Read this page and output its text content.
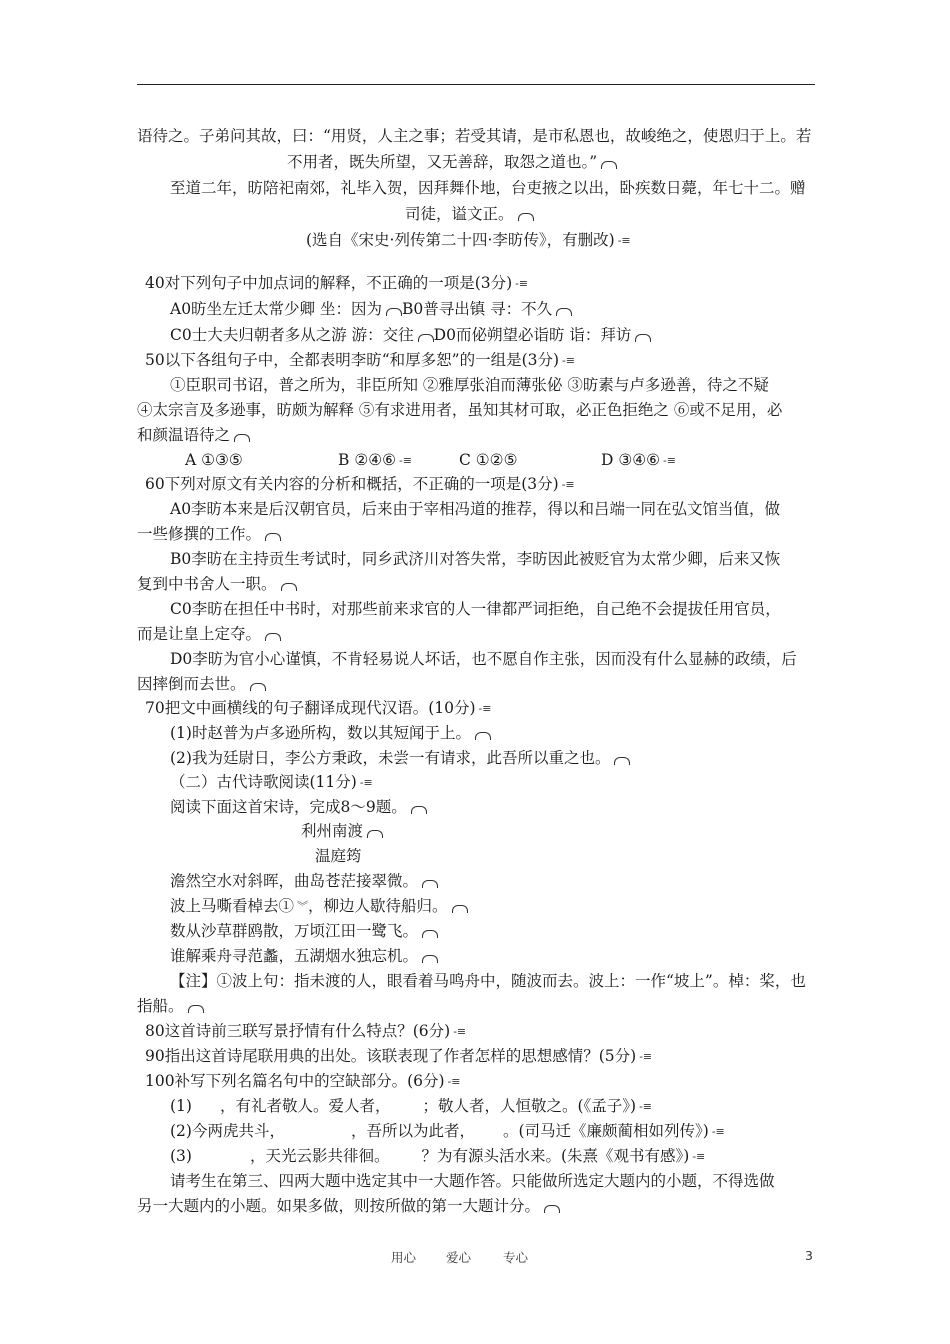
语待之。子弟问其故，曰：“用贤，人主之事；若受其请，是市私恩也，故峻绝之，使恩归于上。若
不用者，既失所望，又无善辞，取怨之道也。”
至道二年，昉陪祀南郊，礼毕入贺，因拜舞仆地，台吏掖之以出，卧疾数日薨，年七十二。赠
司徒，谥文正。
(选自《宋史·列传第二十四·李昉传》，有删改) -≡
40对下列句子中加点词的解释，不正确的一项是(3分) -≡
A0昉坐左迁太常少卿 坐：因为 B0普寻出镇 寻：不久
C0士大夫归朝者多从之游 游：交往 D0而佖朔望必诣昉 诣：拜访
50以下各组句子中，全都表明李昉“和厚多恕”的一组是(3分) -≡
①臣职司书诏，普之所为，非臣所知 ②雅厚张洎而薄张佖 ③昉素与卢多逊善，待之不疑
④太宗言及多逊事，昉颇为解释 ⑤有求进用者，虽知其材可取，必正色拒绝之 ⑥或不足用，必
和颜温语待之
A ①③⑤	B ②④⑥ -≡	C ①②⑤	D ③④⑥ -≡
60下列对原文有关内容的分析和概括，不正确的一项是(3分) -≡
A0李昉本来是后汉朝官员，后来由于宰相冯道的推荐，得以和吕端一同在弘文馆当值，做
一些修撰的工作。
B0李昉在主持贡生考试时，同乡武济川对答失常，李昉因此被贬官为太常少卿，后来又恢
复到中书舍人一职。
C0李昉在担任中书时，对那些前来求官的人一律都严词拒绝，自己绝不会提拔任用官员，
而是让皇上定夺。
D0李昉为官小心谨慎，不肯轻易说人坏话，也不愿自作主张，因而没有什么显赫的政绩，后
因摔倒而去世。
70把文中画横线的句子翻译成现代汉语。(10分) -≡
(1)时赵普为卢多逊所构，数以其短闻于上。
(2)我为廷尉日，李公方秉政，未尝一有请求，此吾所以重之也。
（二）古代诗歌阅读(11分) -≡
阅读下面这首宋诗，完成8～9题。
利州南渡
温庭筠
澹然空水对斜晖，曲岛苍茫接翠微。
波上马嘶看棹去① ︾，柳边人歇待船归。
数从沙草群鸥散，万顷江田一鹭飞。
谁解乘舟寻范蠡，五湖烟水独忘机。
【注】①波上句：指未渡的人，眼看着马鸣舟中，随波而去。波上：一作“坡上”。棹：桨，也
指船。
80这首诗前三联写景抒情有什么特点？(6分) -≡
90指出这首诗尾联用典的出处。该联表现了作者怎样的思想感情？(5分) -≡
100补写下列名篇名句中的空缺部分。(6分) -≡
(1) ，有礼者敬人。爱人者， ；敬人者，人恒敬之。(《孟子》) -≡
(2)今两虎共斗，	，吾所以为此者， 。(司马迁《廉颇蔺相如列传》) -≡
(3)	，天光云影共徘徊。 ？为有源头活水来。(朱熹《观书有感》) -≡
请考生在第三、四两大题中选定其中一大题作答。只能做所选定大题内的小题，不得选做
另一大题内的小题。如果多做，则按所做的第一大题计分。
用心 爱心	专心	3
